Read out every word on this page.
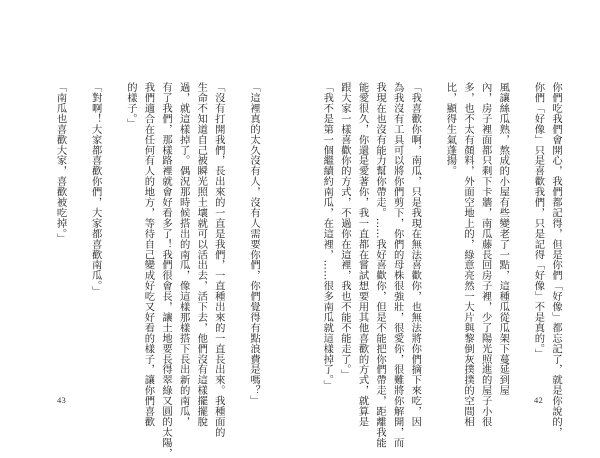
「這裡真的太久沒有人，沒有人需要你們，你們覺得有點浪費是嗎？」
「沒有打開我們，長出來的一直是我們，一直種出來的一直長出來。我種面的
生命不知道自己被瞬光照土壤就可以活出去，活下去，他們沒有這樣擺擺脫
過，就這樣掉了。偶況那時候搭出的南瓜，像這樣那樣搭下長出新的南瓜，
有了我們，那樣路裡就會好看多了！我們很會長，讓土地要長得翠綠又圓的太陽，
我們適合在任何有人的地方，等待自己變成好吃又好看的樣子，讓你們喜歡
的樣子。」
「對啊！大家都喜歡你們，大家都喜歡南瓜。」
「南瓜也喜歡大家，喜歡被吃掉。」
43	你們吃我們會開心，我們都記得，但是你們「好像」都忘記了，就是你說的，
你們「好像」只是喜歡我們，只是記得「好像」不是真的。」
風讓絲瓜熟，熬成的小屋有些變老了一點，這種瓜從瓜架下蔓延到屋
內，房子裡面都只剩下卡牆，南瓜藤長回房子裡，少了陽光照進的屋子小很
多，也不太有顏料，外面空地上的，綠意亮然一大片與黎倒灰撲撲的空間相
比，顯得生氣蓬揚。
「我喜歡你啊，南瓜，只是我現在無法喜歡你，也無法將你們摘下來吃，因
為我沒有工具可以將你們剪下，你們的母株很強壯，很愛你，很難將你解開，而
我現在也沒有能力幫你帶走。……我好喜歡你，但是不能把你們帶走，距離我能
能愛很久，你還是愛著你，我一直都在嘗試想要用其他喜歡的方式，就算是
跟大家一樣喜歡你的方式，不過你在這裡，我也不能不能走了。」
「我不是第一個繼續約南瓜，在這裡，……很多南瓜就這樣掉了。」
42
